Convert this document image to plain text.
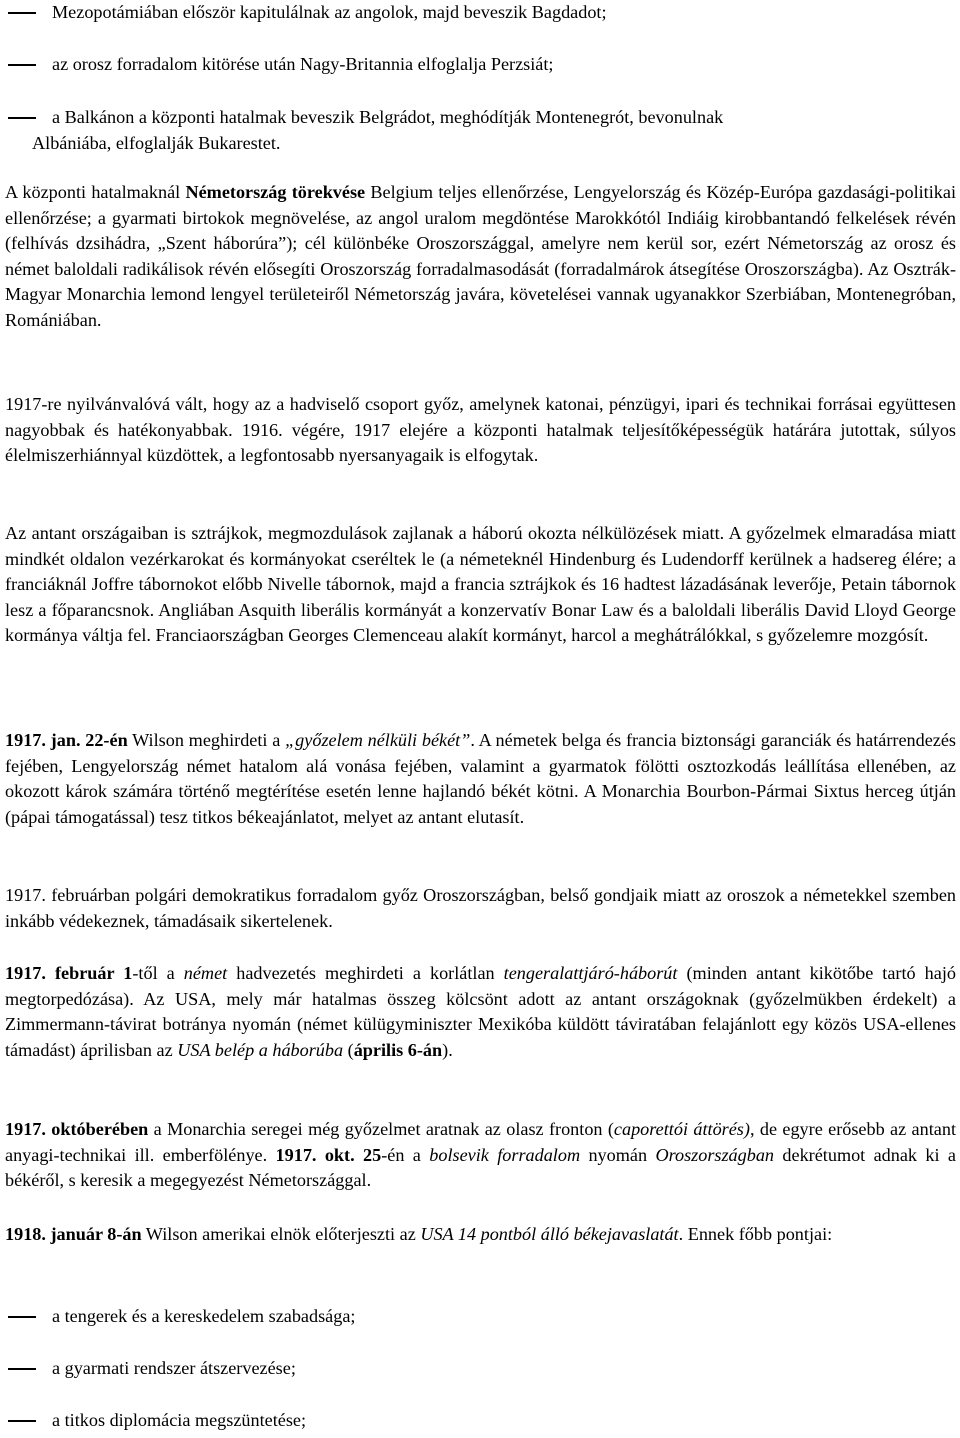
Mezopotámiában először kapitulálnak az angolok, majd beveszik Bagdadot;
az orosz forradalom kitörése után Nagy-Britannia elfoglalja Perzsiát;
a Balkánon a központi hatalmak beveszik Belgrádot, meghódítják Montenegrót, bevonulnak
Albániába, elfoglalják Bukarestet.

A központi hatalmaknál Németország törekvése Belgium teljes ellenőrzése, Lengyelország és Közép-Európa gazdasági-politikai ellenőrzése; a gyarmati birtokok megnövelése, az angol uralom megdöntése Marokkótól Indiáig kirobbantandó felkelések révén (felhívás dzsihádra, „Szent háborúra”); cél különbéke Oroszországgal, amelyre nem kerül sor, ezért Németország az orosz és német baloldali radikálisok révén elősegíti Oroszország forradalmasodását (forradalmárok átsegítése Oroszországba). Az Osztrák-Magyar Monarchia lemond lengyel területeiről Németország javára, követelései vannak ugyanakkor Szerbiában, Montenegróban, Romániában.

1917-re nyilvánvalóvá vált, hogy az a hadviselő csoport győz, amelynek katonai, pénzügyi, ipari és technikai forrásai együttesen nagyobbak és hatékonyabbak. 1916. végére, 1917 elejére a központi hatalmak teljesítőképességük határára jutottak, súlyos élelmiszerhiánnyal küzdöttek, a legfontosabb nyersanyagaik is elfogytak.

Az antant országaiban is sztrájkok, megmozdulások zajlanak a háború okozta nélkülözések miatt. A győzelmek elmaradása miatt mindkét oldalon vezérkarokat és kormányokat cseréltek le (a németeknél Hindenburg és Ludendorff kerülnek a hadsereg élére; a franciáknál Joffre tábornokot előbb Nivelle tábornok, majd a francia sztrájkok és 16 hadtest lázadásának leverője, Petain tábornok lesz a főparancsnok. Angliában Asquith liberális kormányát a konzervatív Bonar Law és a baloldali liberális David Lloyd George kormánya váltja fel. Franciaországban Georges Clemenceau alakít kormányt, harcol a meghátrálókkal, s győzelemre mozgósít.

1917. jan. 22-én Wilson meghirdeti a „győzelem nélküli békét”. A németek belga és francia biztonsági garanciák és határrendezés fejében, Lengyelország német hatalom alá vonása fejében, valamint a gyarmatok fölötti osztozkodás leállítása ellenében, az okozott károk számára történő megtérítése esetén lenne hajlandó békét kötni. A Monarchia Bourbon-Pármai Sixtus herceg útján (pápai támogatással) tesz titkos békeajánlatot, melyet az antant elutasít.

1917. februárban polgári demokratikus forradalom győz Oroszországban, belső gondjaik miatt az oroszok a németekkel szemben inkább védekeznek, támadásaik sikertelenek.

1917. február 1-től a német hadvezetés meghirdeti a korlátlan tengeralattjáró-háborút (minden antant kikötőbe tartó hajó megtorpedózása). Az USA, mely már hatalmas összeg kölcsönt adott az antant országoknak (győzelmükben érdekelt) a Zimmermann-távirat botránya nyomán (német külügyminiszter Mexikóba küldött táviratában felajánlott egy közös USA-ellenes támadást) áprilisban az USA belép a háborúba (április 6-án).

1917. októberében a Monarchia seregei még győzelmet aratnak az olasz fronton (caporettói áttörés), de egyre erősebb az antant anyagi-technikai ill. emberfölénye. 1917. okt. 25-én a bolsevik forradalom nyomán Oroszországban dekrétumot adnak ki a békéről, s keresik a megegyezést Németországgal.

1918. január 8-án Wilson amerikai elnök előterjeszti az USA 14 pontból álló békejavaslatát. Ennek főbb pontjai:

a tengerek és a kereskedelem szabadsága;
a gyarmati rendszer átszervezése;
a titkos diplomácia megszüntetése;
